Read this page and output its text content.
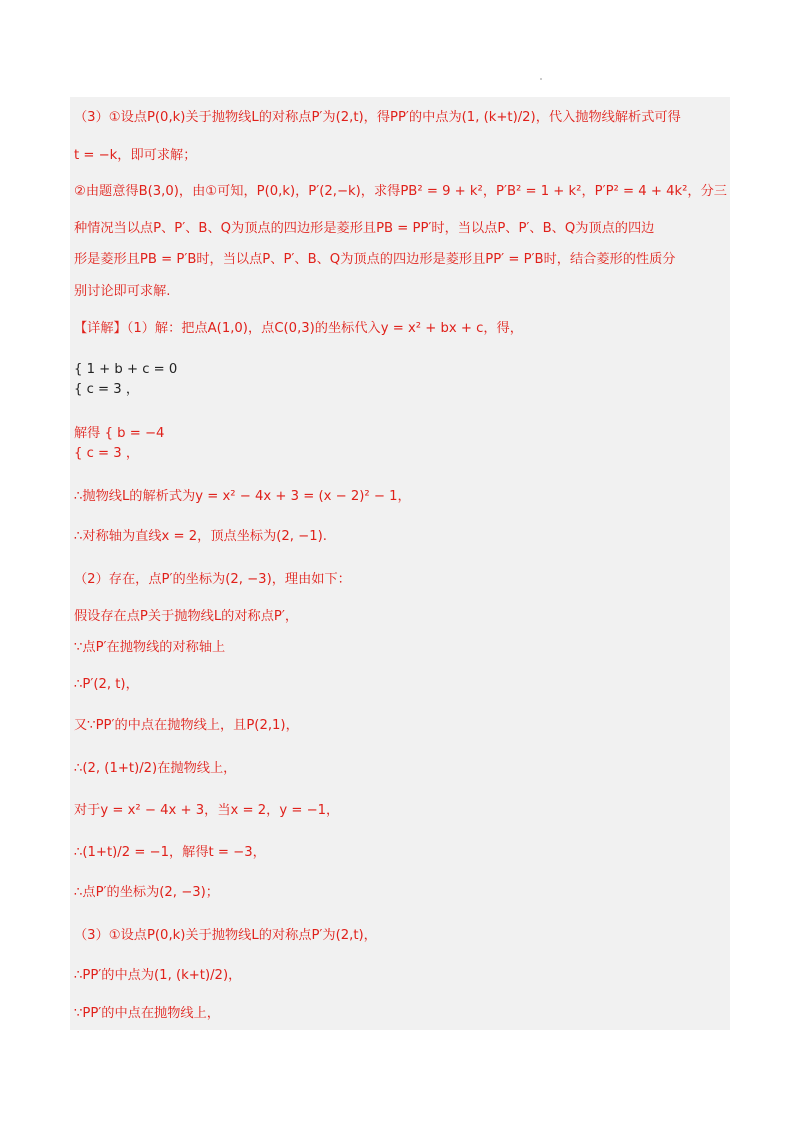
（3）①设点P(0,k)关于抛物线L的对称点P′为(2,t)，得PP′的中点为(1, (k+t)/2)，代入抛物线解析式可得
t = −k，即可求解；
②由题意得B(3,0)，由①可知，P(0,k)，P′(2,−k)，求得PB² = 9 + k²，P′B² = 1 + k²，P′P² = 4 + 4k²，分三
种情况当以点P、P′、B、Q为顶点的四边形是菱形且PB = PP′时，当以点P、P′、B、Q为顶点的四边
形是菱形且PB = P′B时，当以点P、P′、B、Q为顶点的四边形是菱形且PP′ = P′B时，结合菱形的性质分
别讨论即可求解.
【详解】（1）解：把点A(1,0)，点C(0,3)的坐标代入y = x² + bx + c，得，
{ 1 + b + c = 0
{ c = 3 ，
解得 { b = −4
{ c = 3 ，
∴抛物线L的解析式为y = x² − 4x + 3 = (x − 2)² − 1，
∴对称轴为直线x = 2，顶点坐标为(2, −1).
（2）存在，点P′的坐标为(2, −3)，理由如下：
假设存在点P关于抛物线L的对称点P′，
∵点P′在抛物线的对称轴上
∴P′(2, t)，
又∵PP′的中点在抛物线上，且P(2,1)，
∴(2, (1+t)/2)在抛物线上，
对于y = x² − 4x + 3，当x = 2，y = −1，
∴(1+t)/2 = −1，解得t = −3，
∴点P′的坐标为(2, −3)；
（3）①设点P(0,k)关于抛物线L的对称点P′为(2,t)，
∴PP′的中点为(1, (k+t)/2)，
∵PP′的中点在抛物线上，
